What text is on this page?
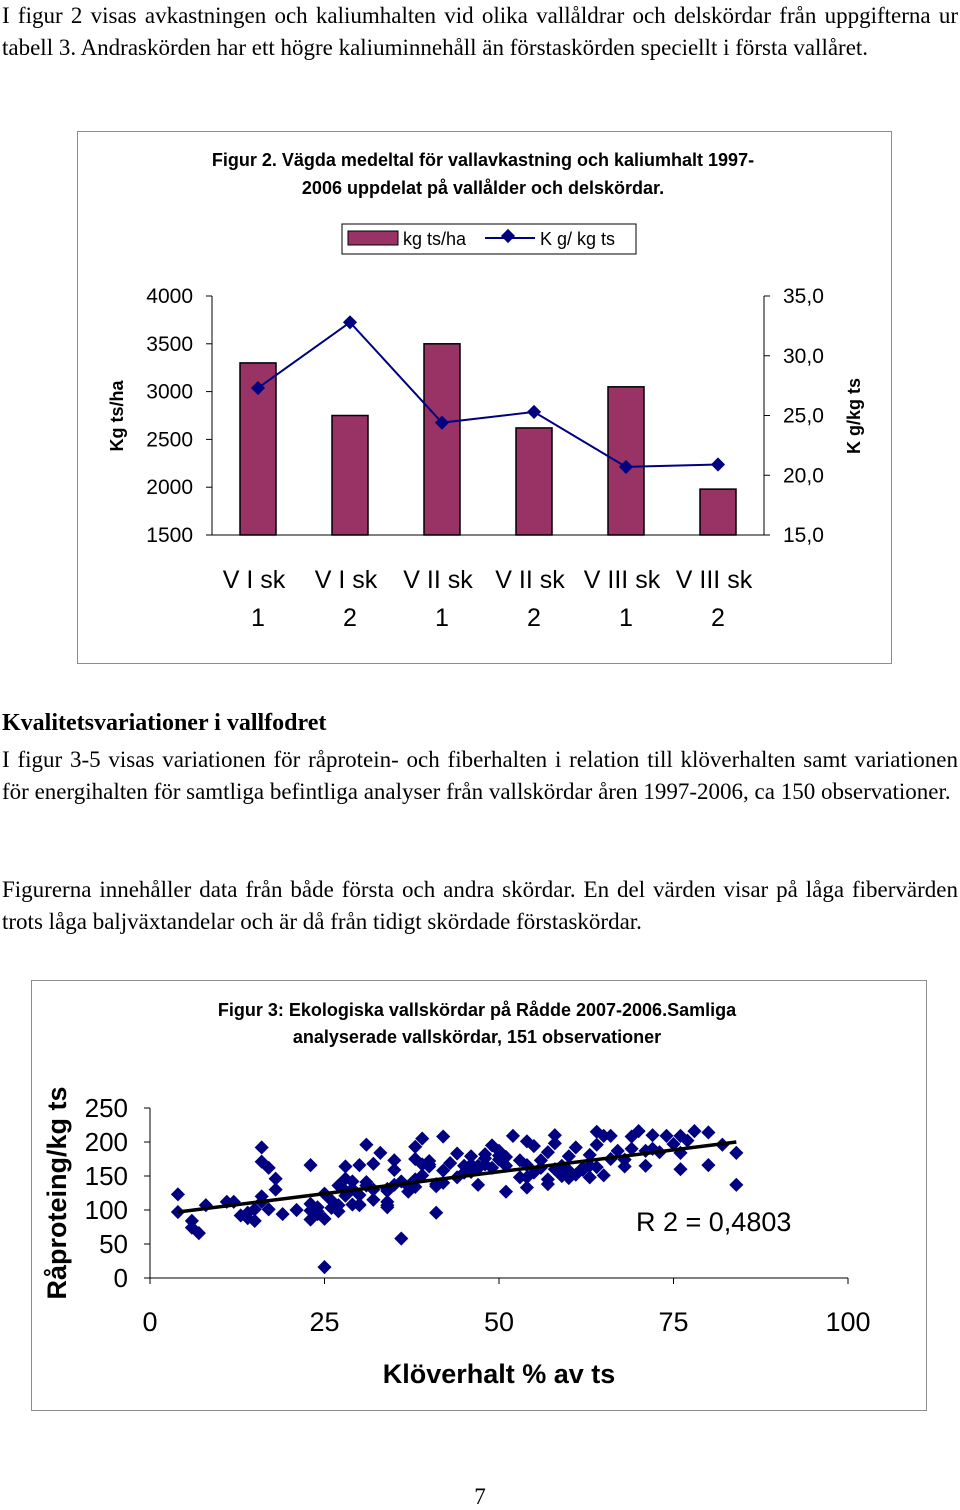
I figur 2 visas avkastningen och kaliumhalten vid olika vallåldrar och delskördar från uppgifterna ur tabell 3. Andraskörden har ett högre kaliuminnehåll än förstaskörden speciellt i första vallåret.
Figur 2. Vägda medeltal för vallavkastning och kaliumhalt 1997-
2006 uppdelat på vallålder och delskördar.
kg ts/ha	K g/ kg ts
4000
3500
3000
2500
2000
1500
35,0
30,0
25,0
20,0
15,0
Kg ts/ha	K g/kg ts
V I sk
1
V I sk
2
V II sk
1
V II sk
2
V III sk
1
V III sk
2
Kvalitetsvariationer i vallfodret
I figur 3-5 visas variationen för råprotein- och fiberhalten i relation till klöverhalten samt variationen för energihalten för samtliga befintliga analyser från vallskördar åren 1997-2006, ca 150 observationer.
Figurerna innehåller data från både första och andra skördar. En del värden visar på låga fibervärden trots låga baljväxtandelar och är då från tidigt skördade förstaskördar.
Figur 3: Ekologiska vallskördar på Rådde 2007-2006.Samliga
analyserade vallskördar, 151 observationer
250
200
150
100
50
0
0	25	50	75	100
Råproteing/kg ts
Klöverhalt % av ts
R 2 = 0,4803
7
